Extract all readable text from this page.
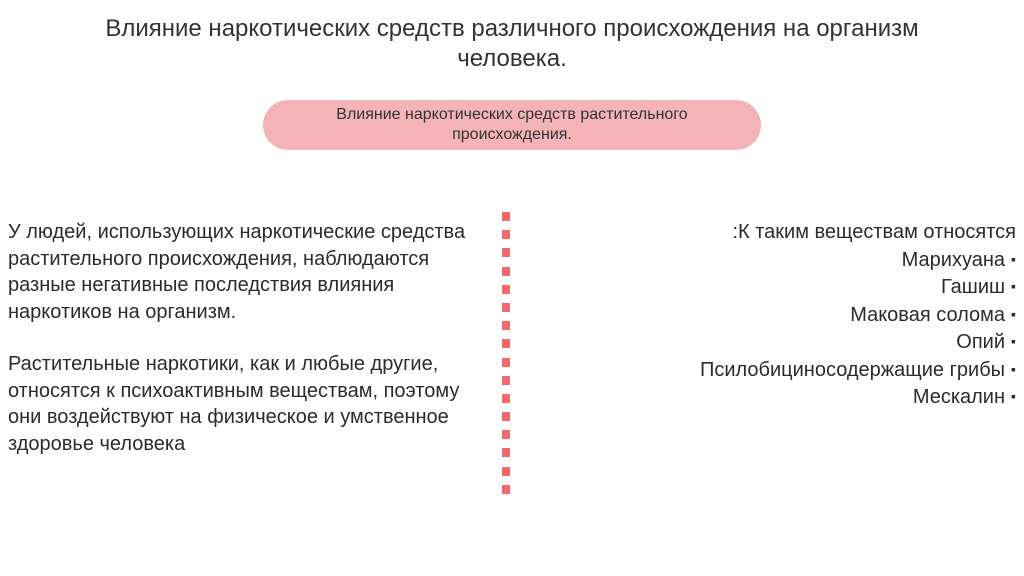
Влияние наркотических средств различного происхождения на организм человека.
Влияние наркотических средств растительного происхождения.

У людей, использующих наркотические средства растительного происхождения, наблюдаются разные негативные последствия влияния наркотиков на организм.

Растительные наркотики, как и любые другие, относятся к психоактивным веществам, поэтому они воздействуют на физическое и умственное здоровье человека

:К таким веществам относятся
Марихуана ▪
Гашиш ▪
Маковая солома ▪
Опий ▪
Псилобициносодержащие грибы ▪
Мескалин ▪
